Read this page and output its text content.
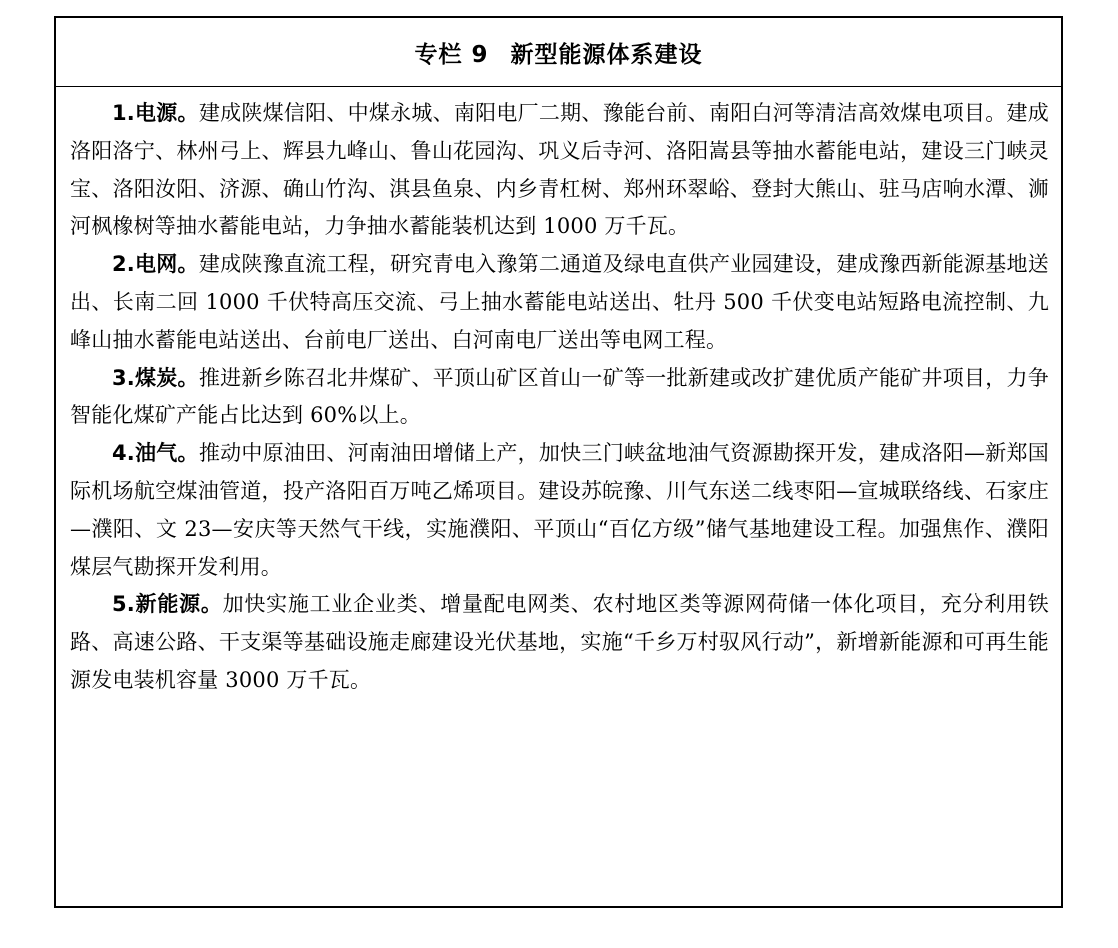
专栏 9 新型能源体系建设

1.电源。建成陕煤信阳、中煤永城、南阳电厂二期、豫能台前、南阳白河等清洁高效煤电项目。建成洛阳洛宁、林州弓上、辉县九峰山、鲁山花园沟、巩义后寺河、洛阳嵩县等抽水蓄能电站，建设三门峡灵宝、洛阳汝阳、济源、确山竹沟、淇县鱼泉、内乡青杠树、郑州环翠峪、登封大熊山、驻马店响水潭、浉河枫橡树等抽水蓄能电站，力争抽水蓄能装机达到 1000 万千瓦。

2.电网。建成陕豫直流工程，研究青电入豫第二通道及绿电直供产业园建设，建成豫西新能源基地送出、长南二回 1000 千伏特高压交流、弓上抽水蓄能电站送出、牡丹 500 千伏变电站短路电流控制、九峰山抽水蓄能电站送出、台前电厂送出、白河南电厂送出等电网工程。

3.煤炭。推进新乡陈召北井煤矿、平顶山矿区首山一矿等一批新建或改扩建优质产能矿井项目，力争智能化煤矿产能占比达到 60%以上。

4.油气。推动中原油田、河南油田增储上产，加快三门峡盆地油气资源勘探开发，建成洛阳—新郑国际机场航空煤油管道，投产洛阳百万吨乙烯项目。建设苏皖豫、川气东送二线枣阳—宣城联络线、石家庄—濮阳、文 23—安庆等天然气干线，实施濮阳、平顶山“百亿方级”储气基地建设工程。加强焦作、濮阳煤层气勘探开发利用。

5.新能源。加快实施工业企业类、增量配电网类、农村地区类等源网荷储一体化项目，充分利用铁路、高速公路、干支渠等基础设施走廊建设光伏基地，实施“千乡万村驭风行动”，新增新能源和可再生能源发电装机容量 3000 万千瓦。
